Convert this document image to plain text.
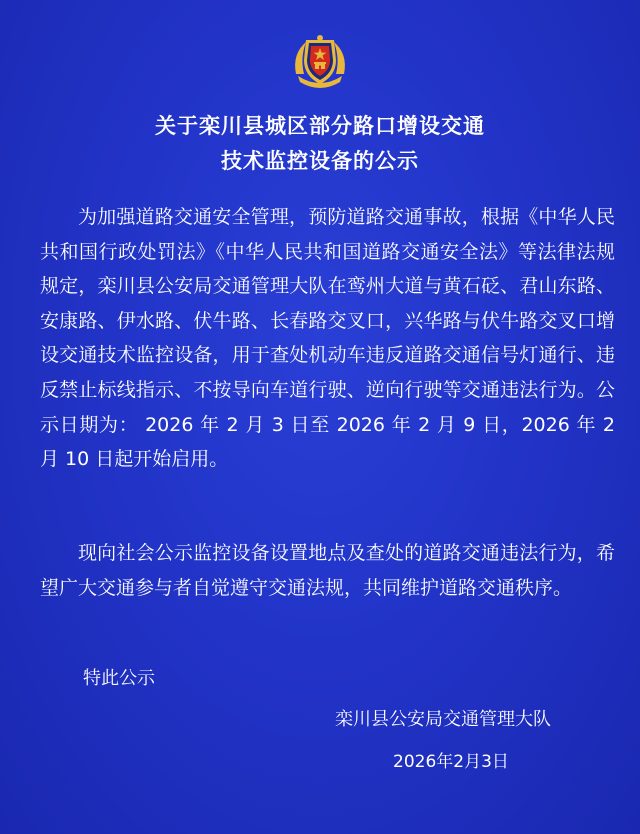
关于栾川县城区部分路口增设交通
技术监控设备的公示

为加强道路交通安全管理，预防道路交通事故，根据《中华人民共和国行政处罚法》《中华人民共和国道路交通安全法》等法律法规规定，栾川县公安局交通管理大队在鸾州大道与黄石砭、君山东路、安康路、伊水路、伏牛路、长春路交叉口，兴华路与伏牛路交叉口增设交通技术监控设备，用于查处机动车违反道路交通信号灯通行、违反禁止标线指示、不按导向车道行驶、逆向行驶等交通违法行为。公示日期为： 2026 年 2 月 3 日至 2026 年 2 月 9 日，2026 年 2 月 10 日起开始启用。

现向社会公示监控设备设置地点及查处的道路交通违法行为，希望广大交通参与者自觉遵守交通法规，共同维护道路交通秩序。

特此公示
栾川县公安局交通管理大队
2026年2月3日
